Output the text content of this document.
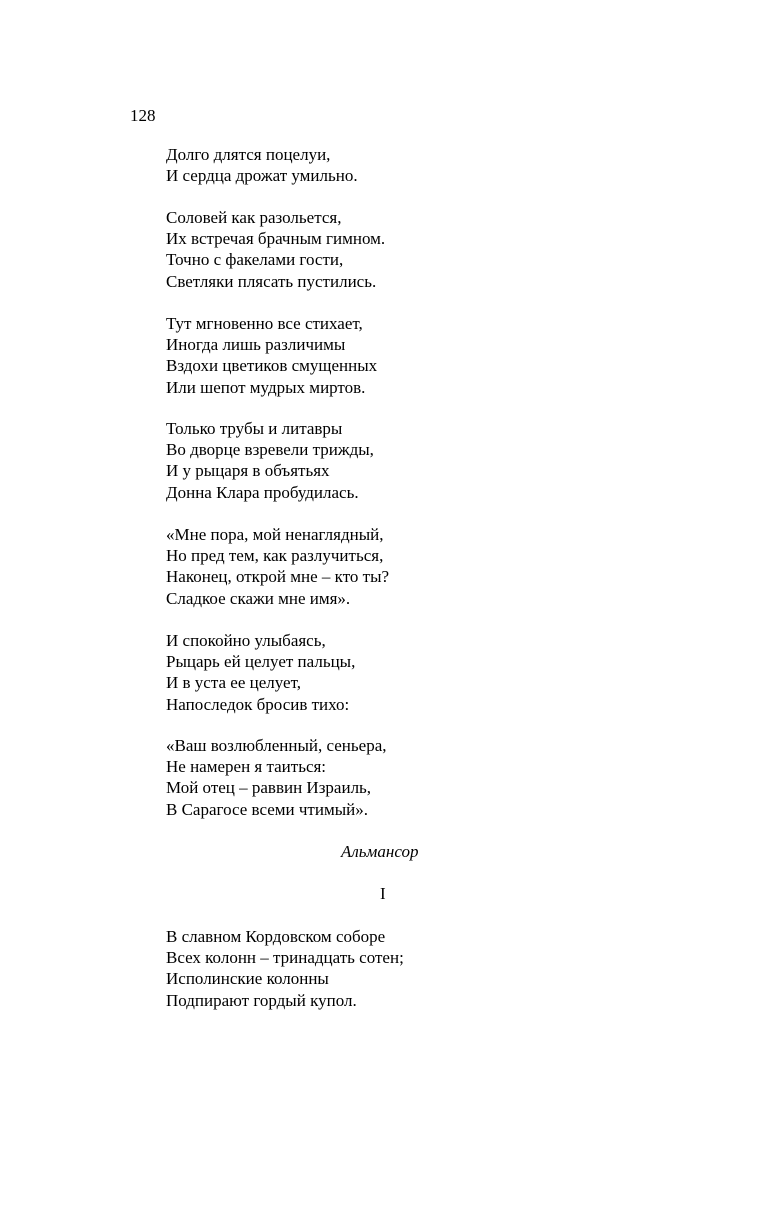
128
Долго длятся поцелуи,
И сердца дрожат умильно.
Соловей как разольется,
Их встречая брачным гимном.
Точно с факелами гости,
Светляки плясать пустились.
Тут мгновенно все стихает,
Иногда лишь различимы
Вздохи цветиков смущенных
Или шепот мудрых миртов.
Только трубы и литавры
Во дворце взревели трижды,
И у рыцаря в объятьях
Донна Клара пробудилась.
«Мне пора, мой ненаглядный,
Но пред тем, как разлучиться,
Наконец, открой мне – кто ты?
Сладкое скажи мне имя».
И спокойно улыбаясь,
Рыцарь ей целует пальцы,
И в уста ее целует,
Напоследок бросив тихо:
«Ваш возлюбленный, сеньера,
Не намерен я таиться:
Мой отец – раввин Израиль,
В Сарагосе всеми чтимый».
Альмансор
I
В славном Кордовском соборе
Всех колонн – тринадцать сотен;
Исполинские колонны
Подпирают гордый купол.
